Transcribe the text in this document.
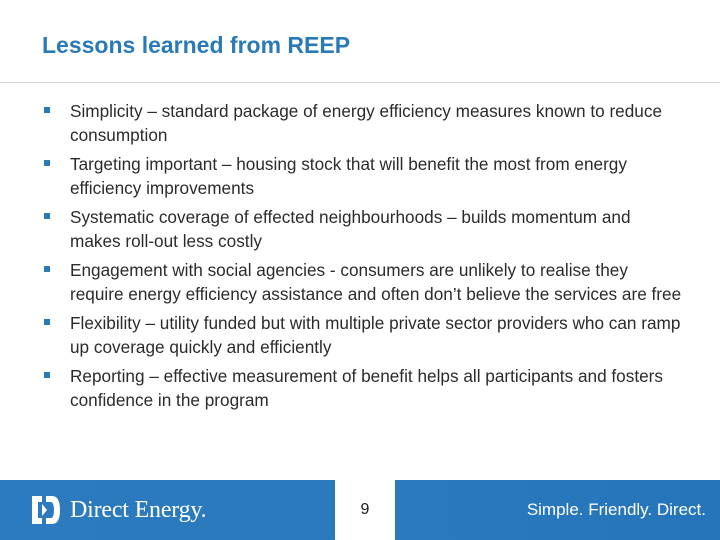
Lessons learned from REEP
Simplicity – standard package of energy efficiency measures known to reduce consumption
Targeting important – housing stock that will benefit the most from energy efficiency improvements
Systematic coverage of effected neighbourhoods – builds momentum and makes roll-out less costly
Engagement with social agencies - consumers are unlikely to realise they require energy efficiency assistance and often don’t believe the services are free
Flexibility – utility funded but with multiple private sector providers who can ramp up coverage quickly and efficiently
Reporting – effective measurement of benefit helps all participants and fosters confidence in the program
Direct Energy.	9	Simple. Friendly. Direct.
